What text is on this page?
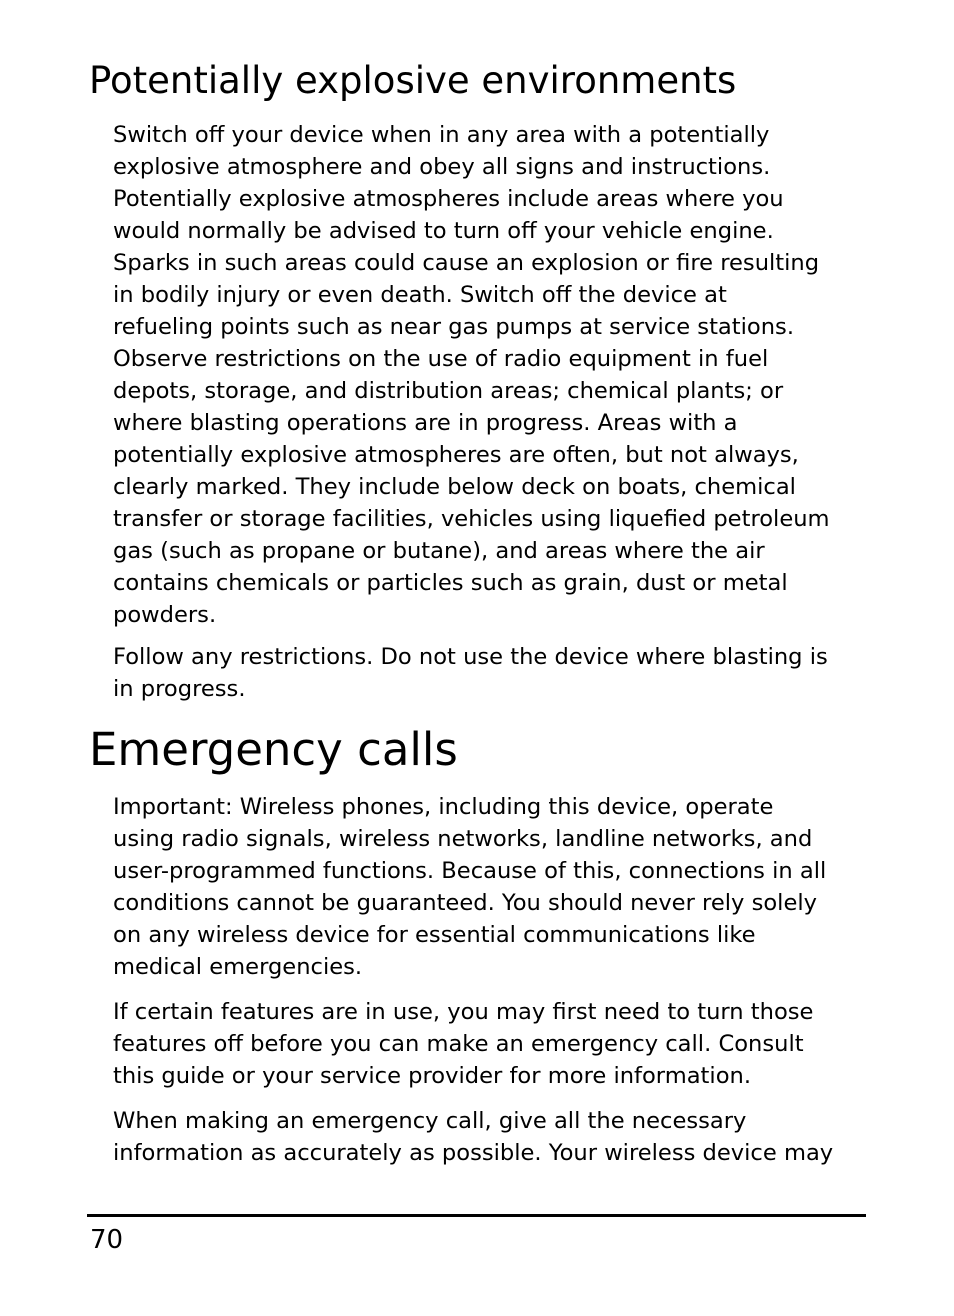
Potentially explosive environments

Switch off your device when in any area with a potentially
explosive atmosphere and obey all signs and instructions.
Potentially explosive atmospheres include areas where you
would normally be advised to turn off your vehicle engine.
Sparks in such areas could cause an explosion or fire resulting
in bodily injury or even death. Switch off the device at
refueling points such as near gas pumps at service stations.
Observe restrictions on the use of radio equipment in fuel
depots, storage, and distribution areas; chemical plants; or
where blasting operations are in progress. Areas with a
potentially explosive atmospheres are often, but not always,
clearly marked. They include below deck on boats, chemical
transfer or storage facilities, vehicles using liquefied petroleum
gas (such as propane or butane), and areas where the air
contains chemicals or particles such as grain, dust or metal
powders.

Follow any restrictions. Do not use the device where blasting is
in progress.

Emergency calls

Important: Wireless phones, including this device, operate
using radio signals, wireless networks, landline networks, and
user-programmed functions. Because of this, connections in all
conditions cannot be guaranteed. You should never rely solely
on any wireless device for essential communications like
medical emergencies.

If certain features are in use, you may first need to turn those
features off before you can make an emergency call. Consult
this guide or your service provider for more information.

When making an emergency call, give all the necessary
information as accurately as possible. Your wireless device may

70
